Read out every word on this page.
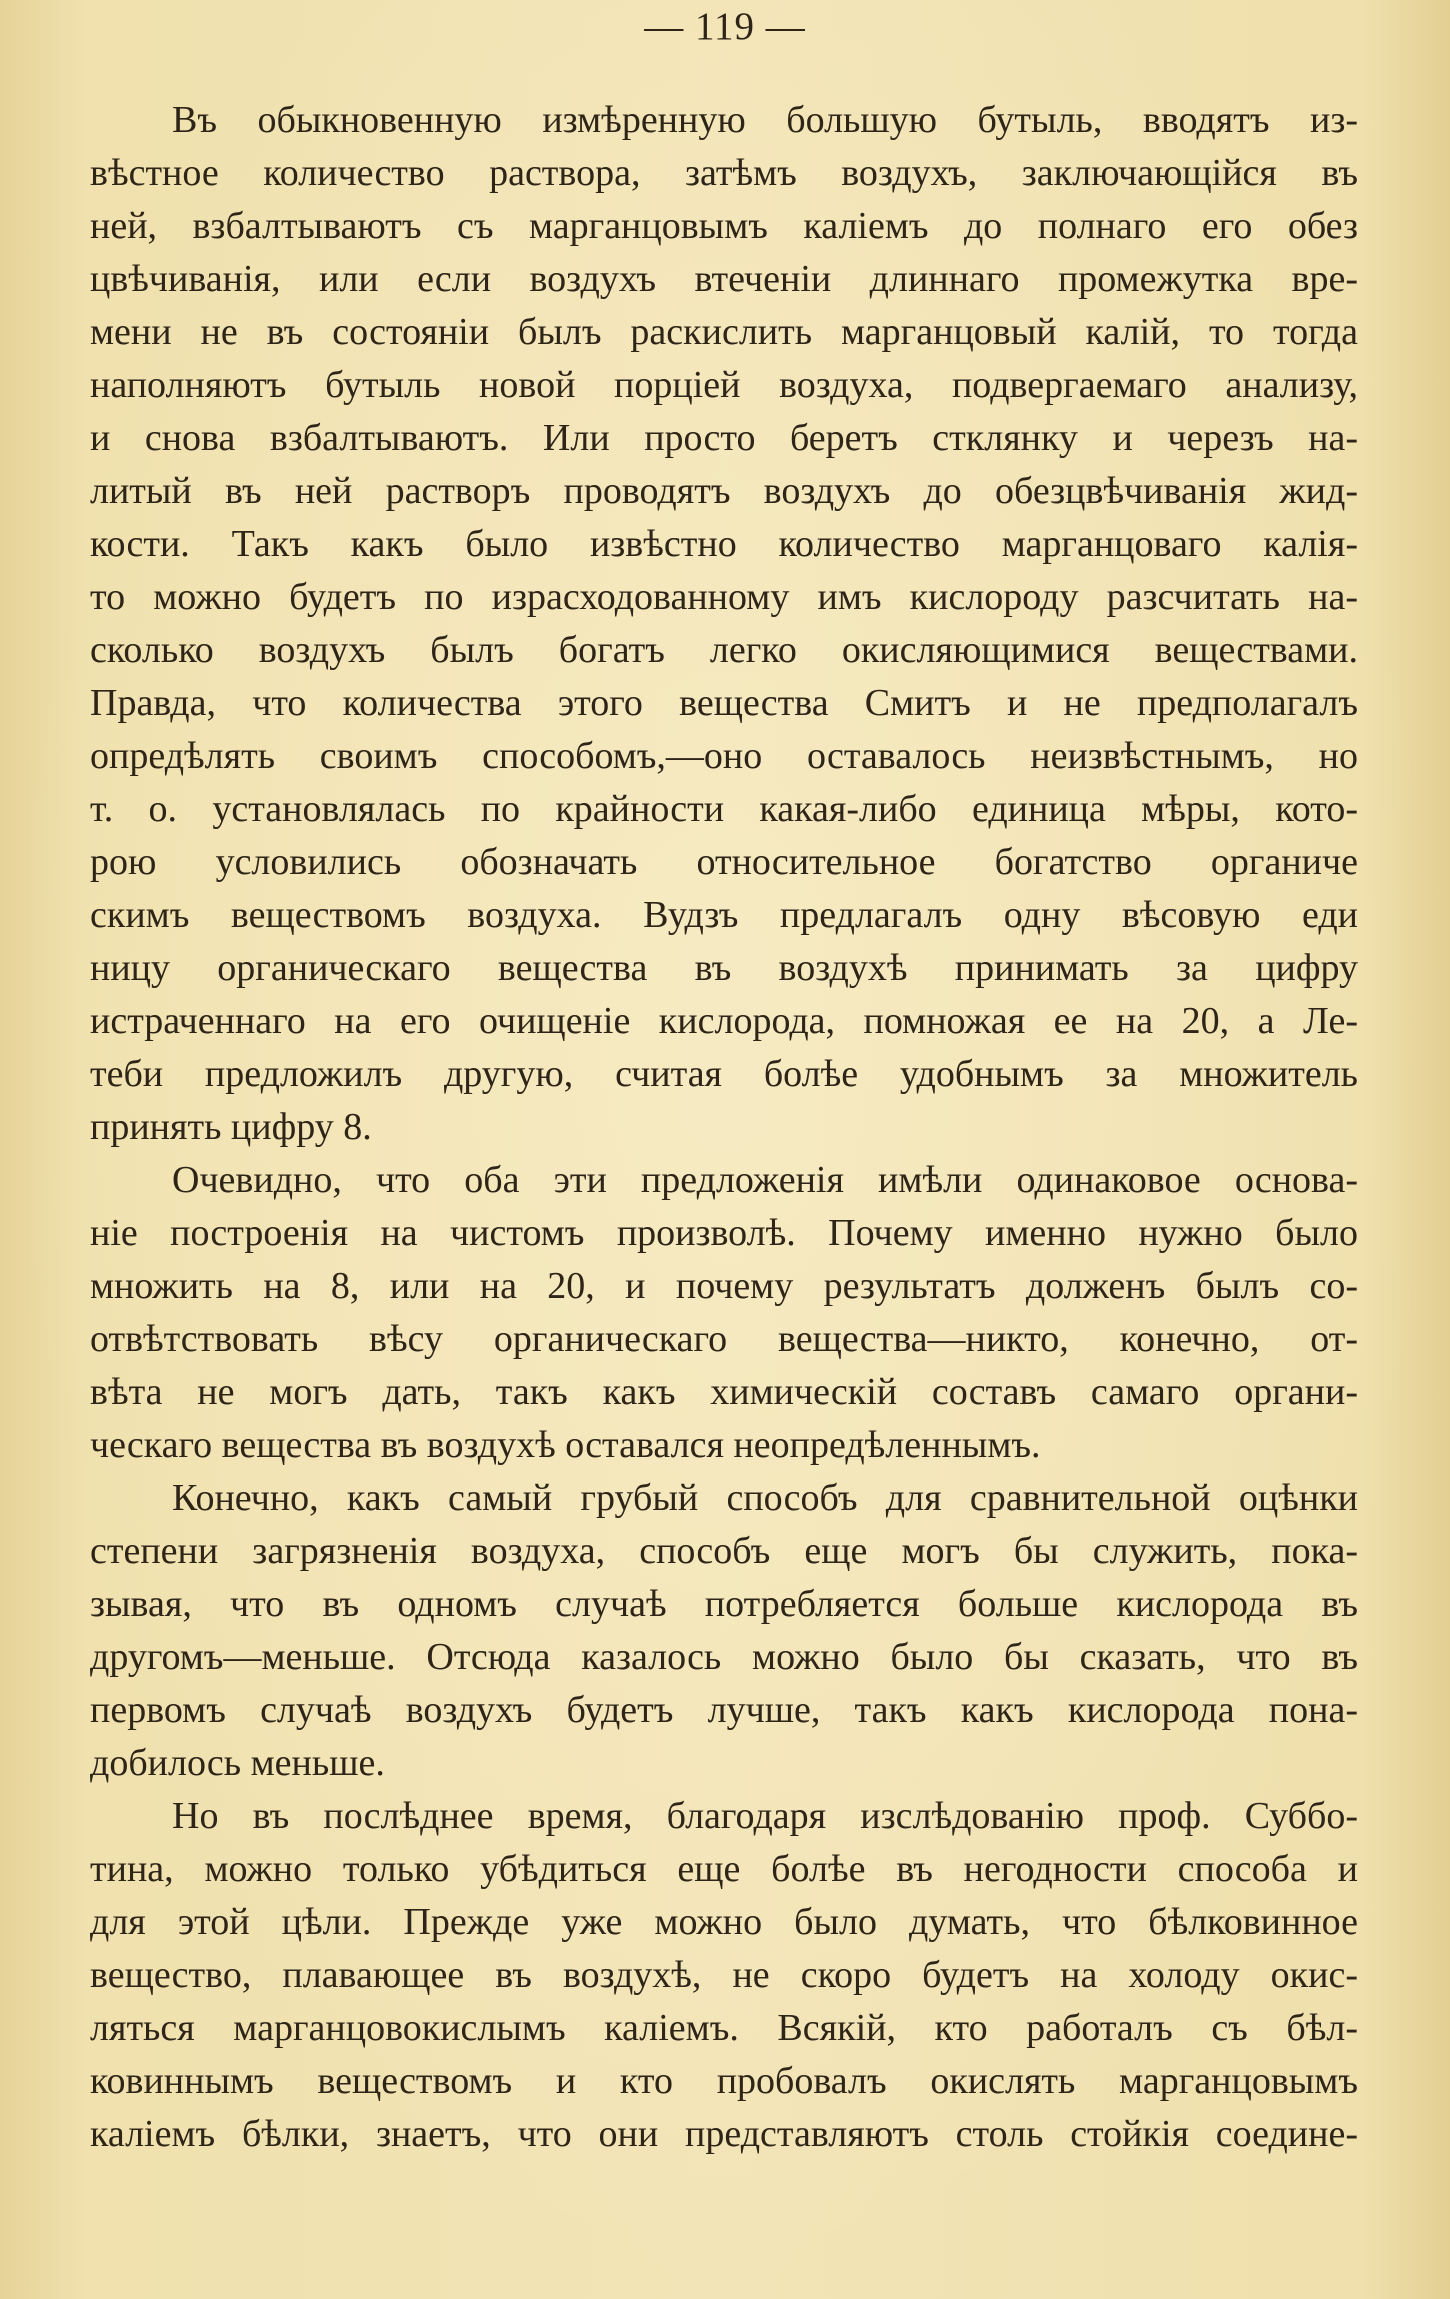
— 119 —
Въ обыкновенную измѣренную большую бутыль, вводятъ из-
вѣстное количество раствора, затѣмъ воздухъ, заключающійся въ
ней, взбалтываютъ съ марганцовымъ каліемъ до полнаго его обез
цвѣчиванія, или если воздухъ втеченіи длиннаго промежутка вре-
мени не въ состояніи былъ раскислить марганцовый калій, то тогда
наполняютъ бутыль новой порціей воздуха, подвергаемаго анализу,
и снова взбалтываютъ. Или просто беретъ стклянку и черезъ на-
литый въ ней растворъ проводятъ воздухъ до обезцвѣчиванія жид-
кости. Такъ какъ было извѣстно количество марганцоваго калія-
то можно будетъ по израсходованному имъ кислороду разсчитать на-
сколько воздухъ былъ богатъ легко окисляющимися веществами.
Правда, что количества этого вещества Смитъ и не предполагалъ
опредѣлять своимъ способомъ,—оно оставалось неизвѣстнымъ, но
т. о. установлялась по крайности какая-либо единица мѣры, кото-
рою условились обозначать относительное богатство органиче
скимъ веществомъ воздуха. Вудзъ предлагалъ одну вѣсовую еди
ницу органическаго вещества въ воздухѣ принимать за цифру
истраченнаго на его очищеніе кислорода, помножая ее на 20, а Ле-
теби предложилъ другую, считая болѣе удобнымъ за множитель
принять цифру 8.
Очевидно, что оба эти предложенія имѣли одинаковое основа-
ніе построенія на чистомъ произволѣ. Почему именно нужно было
множить на 8, или на 20, и почему результатъ долженъ былъ со-
отвѣтствовать вѣсу органическаго вещества—никто, конечно, от-
вѣта не могъ дать, такъ какъ химическій составъ самаго органи-
ческаго вещества въ воздухѣ оставался неопредѣленнымъ.
Конечно, какъ самый грубый способъ для сравнительной оцѣнки
степени загрязненія воздуха, способъ еще могъ бы служить, пока-
зывая, что въ одномъ случаѣ потребляется больше кислорода въ
другомъ—меньше. Отсюда казалось можно было бы сказать, что въ
первомъ случаѣ воздухъ будетъ лучше, такъ какъ кислорода пона-
добилось меньше.
Но въ послѣднее время, благодаря изслѣдованію проф. Суббо-
тина, можно только убѣдиться еще болѣе въ негодности способа и
для этой цѣли. Прежде уже можно было думать, что бѣлковинное
вещество, плавающее въ воздухѣ, не скоро будетъ на холоду окис-
ляться марганцовокислымъ каліемъ. Всякій, кто работалъ съ бѣл-
ковиннымъ веществомъ и кто пробовалъ окислять марганцовымъ
каліемъ бѣлки, знаетъ, что они представляютъ столь стойкія соедине-
